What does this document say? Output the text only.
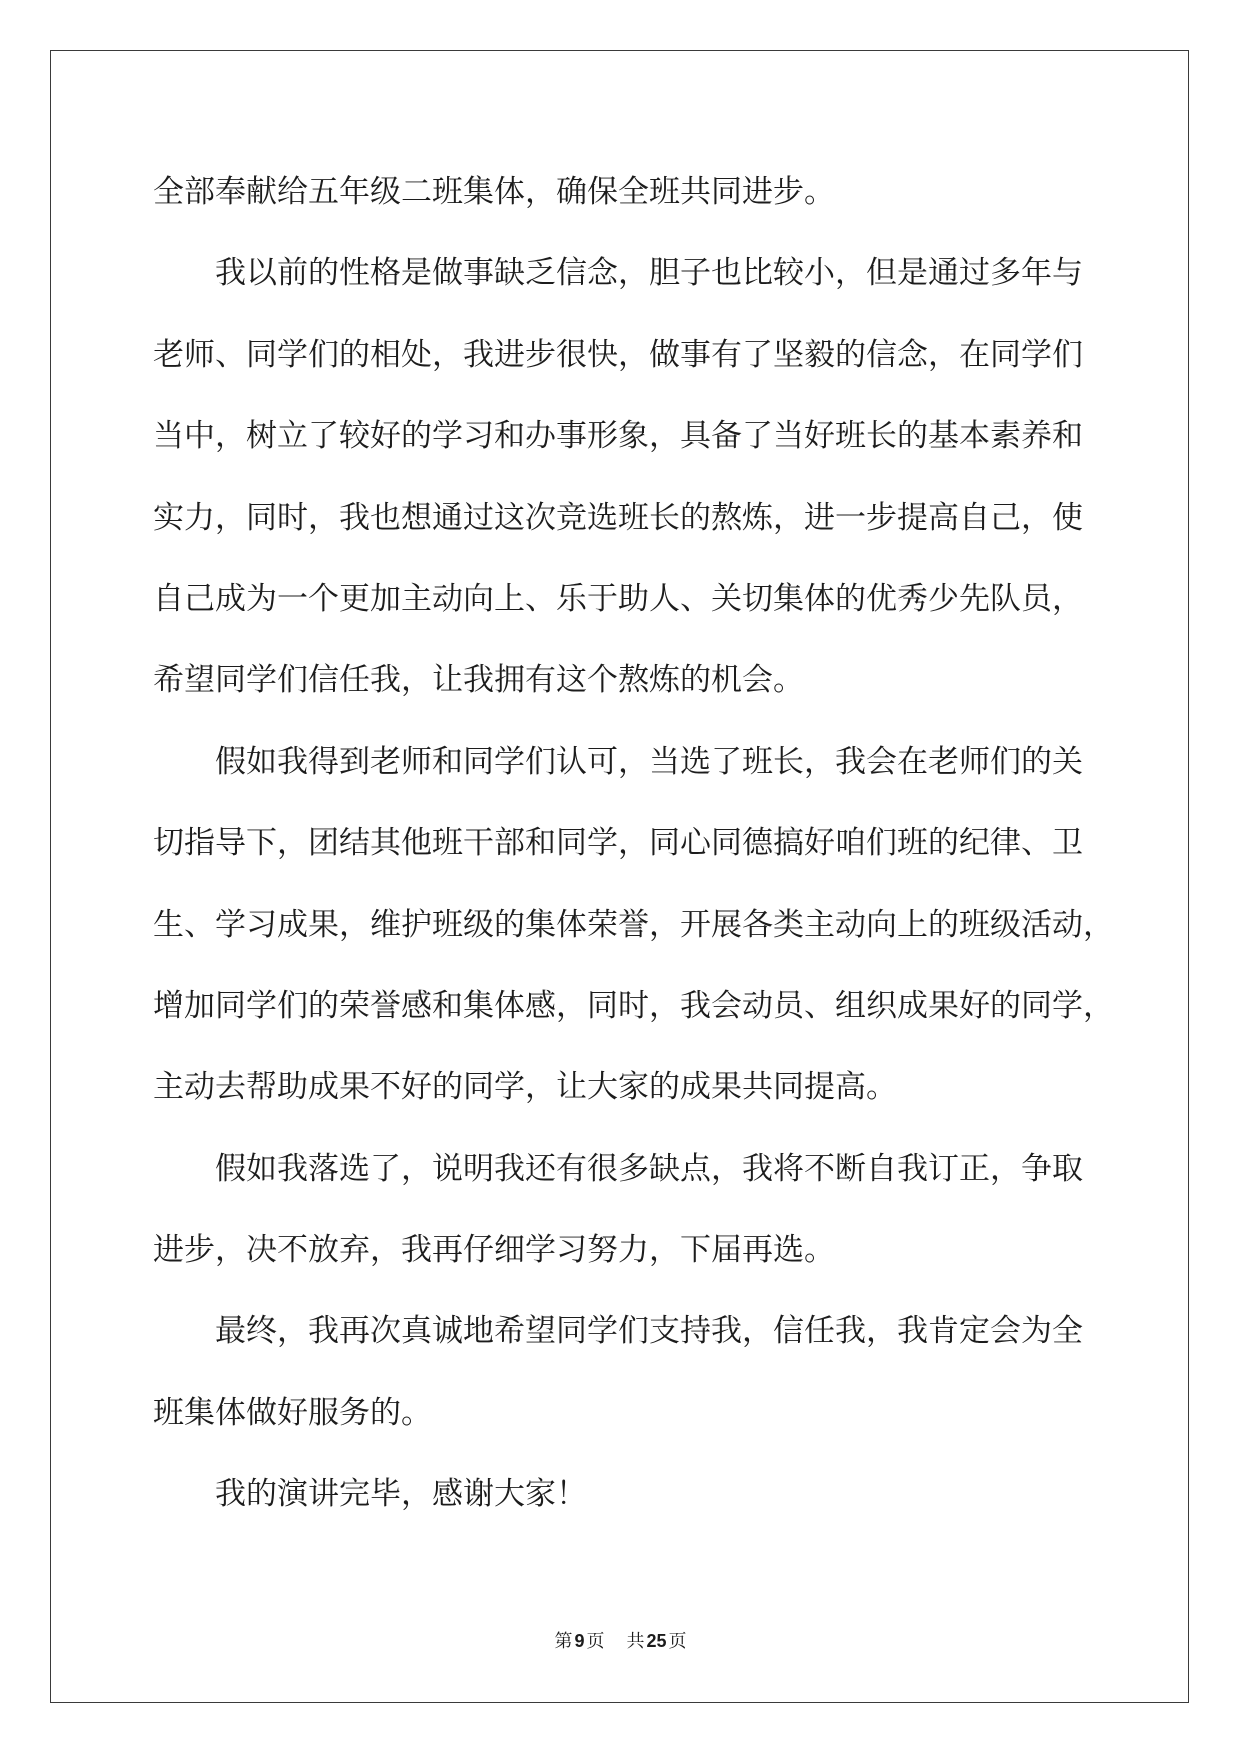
全部奉献给五年级二班集体，确保全班共同进步。
我以前的性格是做事缺乏信念，胆子也比较小，但是通过多年与
老师、同学们的相处，我进步很快，做事有了坚毅的信念，在同学们
当中，树立了较好的学习和办事形象，具备了当好班长的基本素养和
实力，同时，我也想通过这次竞选班长的熬炼，进一步提高自己，使
自己成为一个更加主动向上、乐于助人、关切集体的优秀少先队员，
希望同学们信任我，让我拥有这个熬炼的机会。
假如我得到老师和同学们认可，当选了班长，我会在老师们的关
切指导下，团结其他班干部和同学，同心同德搞好咱们班的纪律、卫
生、学习成果，维护班级的集体荣誉，开展各类主动向上的班级活动，
增加同学们的荣誉感和集体感，同时，我会动员、组织成果好的同学，
主动去帮助成果不好的同学，让大家的成果共同提高。
假如我落选了，说明我还有很多缺点，我将不断自我订正，争取
进步，决不放弃，我再仔细学习努力，下届再选。
最终，我再次真诚地希望同学们支持我，信任我，我肯定会为全
班集体做好服务的。
我的演讲完毕，感谢大家！
第 9 页 共 25 页
